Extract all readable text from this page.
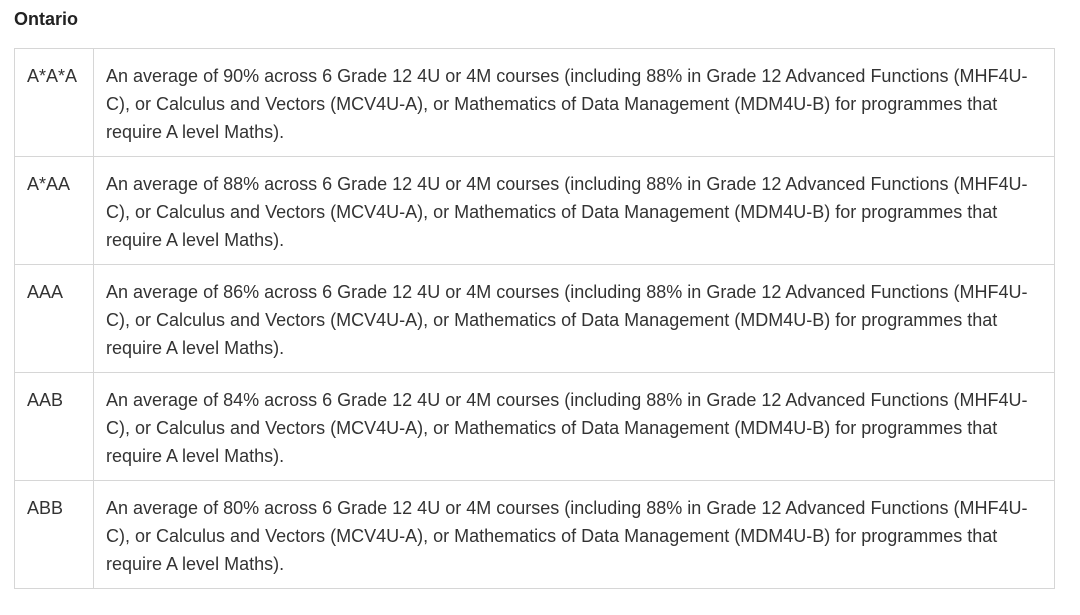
Ontario
A*A*A	An average of 90% across 6 Grade 12 4U or 4M courses (including 88% in Grade 12 Advanced Functions (MHF4U-C), or Calculus and Vectors (MCV4U-A), or Mathematics of Data Management (MDM4U-B) for programmes that require A level Maths).
A*AA	An average of 88% across 6 Grade 12 4U or 4M courses (including 88% in Grade 12 Advanced Functions (MHF4U-C), or Calculus and Vectors (MCV4U-A), or Mathematics of Data Management (MDM4U-B) for programmes that require A level Maths).
AAA	An average of 86% across 6 Grade 12 4U or 4M courses (including 88% in Grade 12 Advanced Functions (MHF4U-C), or Calculus and Vectors (MCV4U-A), or Mathematics of Data Management (MDM4U-B) for programmes that require A level Maths).
AAB	An average of 84% across 6 Grade 12 4U or 4M courses (including 88% in Grade 12 Advanced Functions (MHF4U-C), or Calculus and Vectors (MCV4U-A), or Mathematics of Data Management (MDM4U-B) for programmes that require A level Maths).
ABB	An average of 80% across 6 Grade 12 4U or 4M courses (including 88% in Grade 12 Advanced Functions (MHF4U-C), or Calculus and Vectors (MCV4U-A), or Mathematics of Data Management (MDM4U-B) for programmes that require A level Maths).
